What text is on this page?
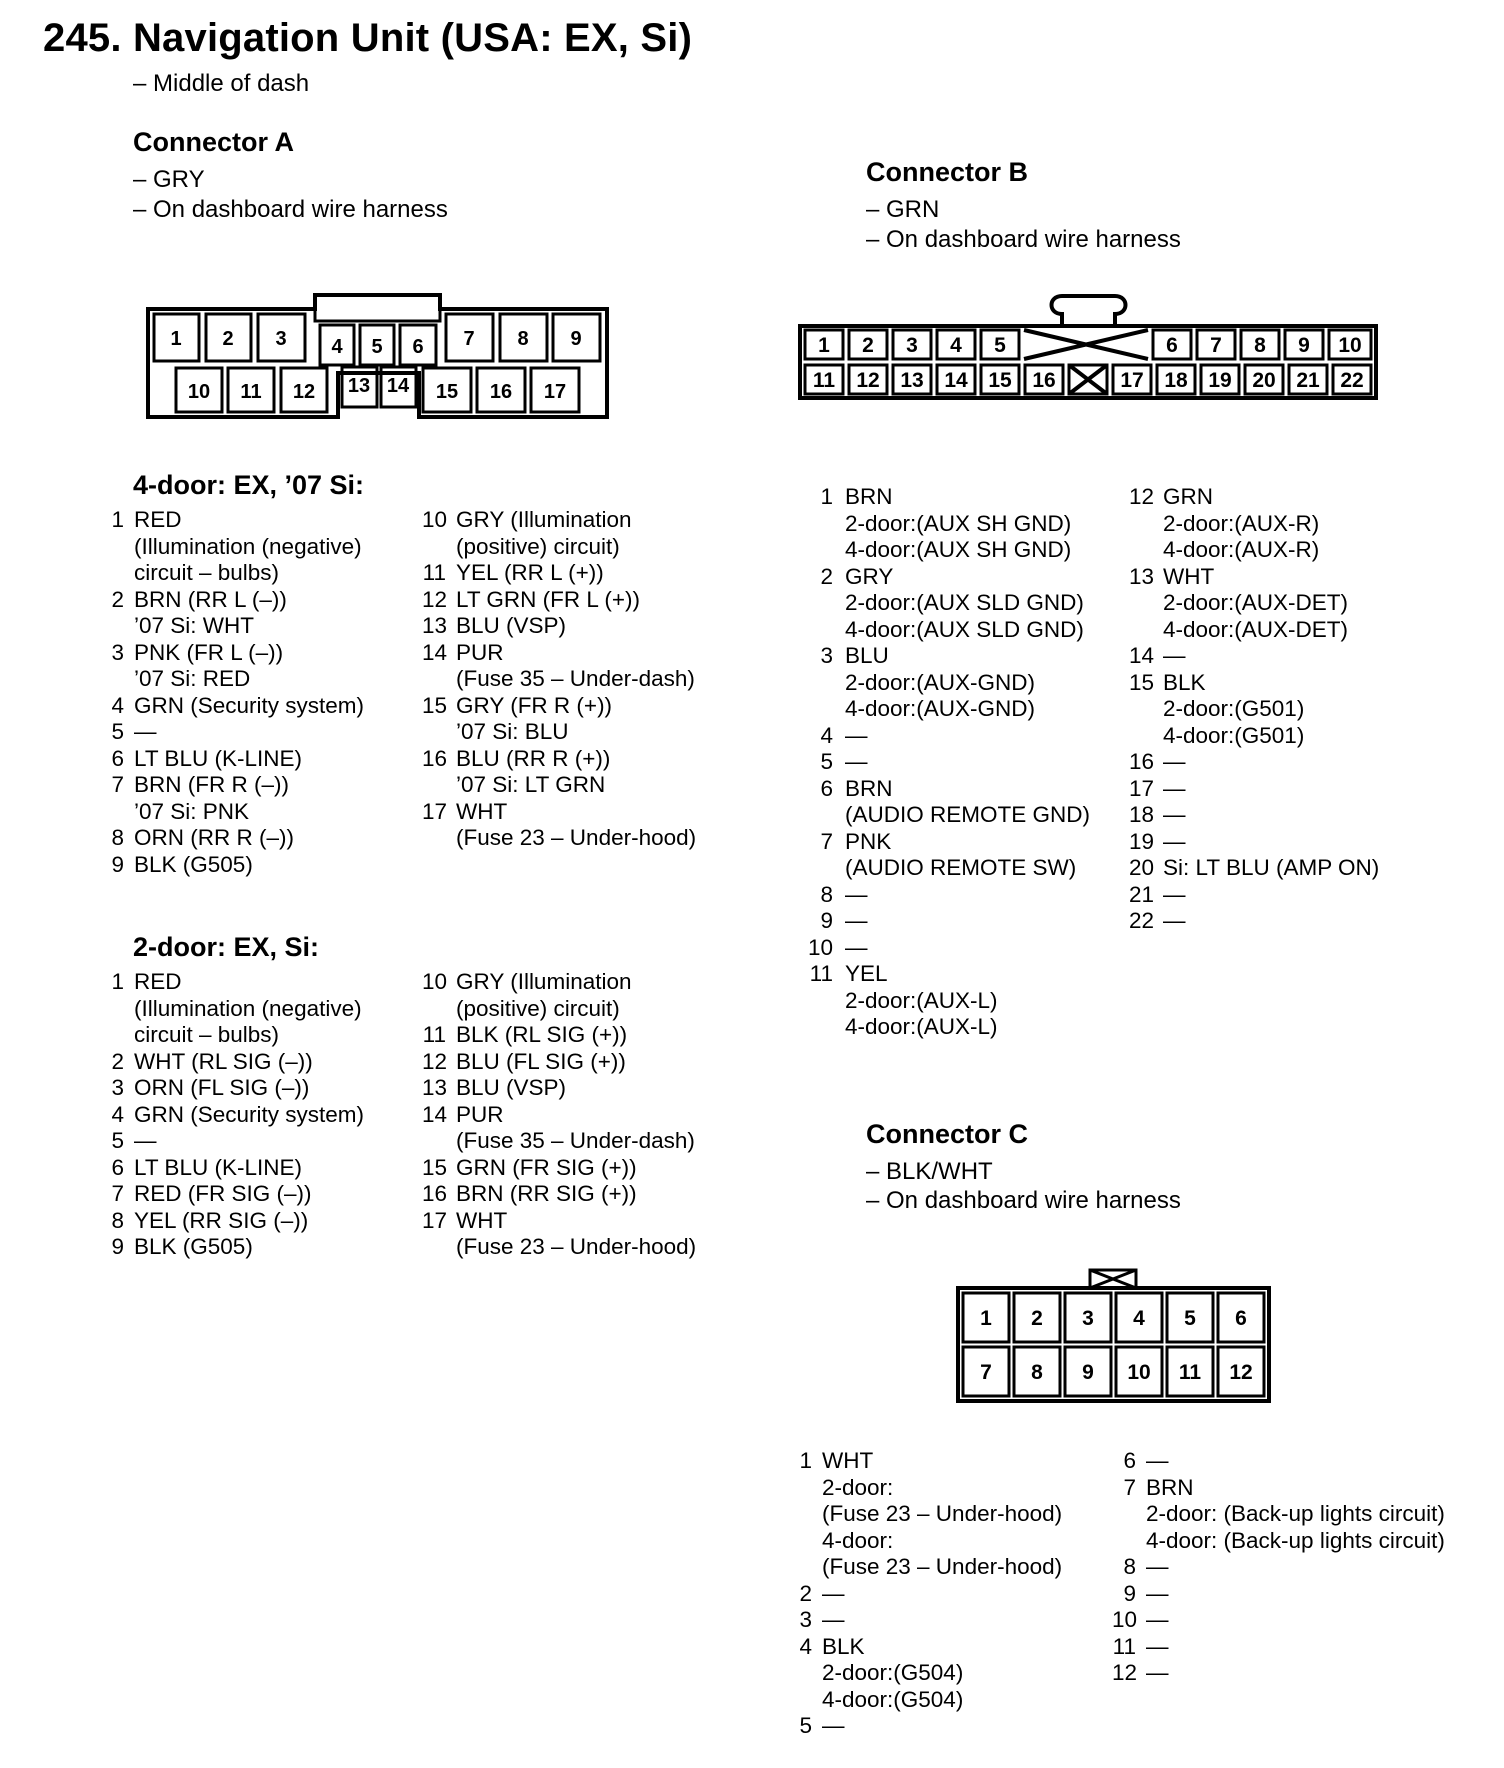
245. Navigation Unit (USA: EX, Si)
– Middle of dash
Connector A
– GRY
– On dashboard wire harness
Connector B
– GRN
– On dashboard wire harness
Connector C
– BLK/WHT
– On dashboard wire harness
1 2 3 4 5 6 7 8 9
10 11 12 13 14 15 16 17
1 2 3 4 5	6 7 8 9 10
11 12 13 14 15 16	17 18 19 20 21 22
1 2 3 4 5 6
7 8 9 10 11 12
4-door: EX, ’07 Si:
1 RED
(Illumination (negative)
circuit – bulbs)
2 BRN (RR L (–))
’07 Si: WHT
3 PNK (FR L (–))
’07 Si: RED
4 GRN (Security system)
5 —
6 LT BLU (K-LINE)
7 BRN (FR R (–))
’07 Si: PNK
8 ORN (RR R (–))
9 BLK (G505)
10 GRY (Illumination
(positive) circuit)
11 YEL (RR L (+))
12 LT GRN (FR L (+))
13 BLU (VSP)
14 PUR
(Fuse 35 – Under-dash)
15 GRY (FR R (+))
’07 Si: BLU
16 BLU (RR R (+))
’07 Si: LT GRN
17 WHT
(Fuse 23 – Under-hood)
2-door: EX, Si:
1 RED
(Illumination (negative)
circuit – bulbs)
2 WHT (RL SIG (–))
3 ORN (FL SIG (–))
4 GRN (Security system)
5 —
6 LT BLU (K-LINE)
7 RED (FR SIG (–))
8 YEL (RR SIG (–))
9 BLK (G505)
10 GRY (Illumination
(positive) circuit)
11 BLK (RL SIG (+))
12 BLU (FL SIG (+))
13 BLU (VSP)
14 PUR
(Fuse 35 – Under-dash)
15 GRN (FR SIG (+))
16 BRN (RR SIG (+))
17 WHT
(Fuse 23 – Under-hood)
1 BRN
2-door:(AUX SH GND)
4-door:(AUX SH GND)
2 GRY
2-door:(AUX SLD GND)
4-door:(AUX SLD GND)
3 BLU
2-door:(AUX-GND)
4-door:(AUX-GND)
4 —
5 —
6 BRN
(AUDIO REMOTE GND)
7 PNK
(AUDIO REMOTE SW)
8 —
9 —
10 —
11 YEL
2-door:(AUX-L)
4-door:(AUX-L)
12 GRN
2-door:(AUX-R)
4-door:(AUX-R)
13 WHT
2-door:(AUX-DET)
4-door:(AUX-DET)
14 —
15 BLK
2-door:(G501)
4-door:(G501)
16 —
17 —
18 —
19 —
20 Si: LT BLU (AMP ON)
21 —
22 —
1 WHT
2-door:
(Fuse 23 – Under-hood)
4-door:
(Fuse 23 – Under-hood)
2 —
3 —
4 BLK
2-door:(G504)
4-door:(G504)
5 —
6 —
7 BRN
2-door: (Back-up lights circuit)
4-door: (Back-up lights circuit)
8 —
9 —
10 —
11 —
12 —
